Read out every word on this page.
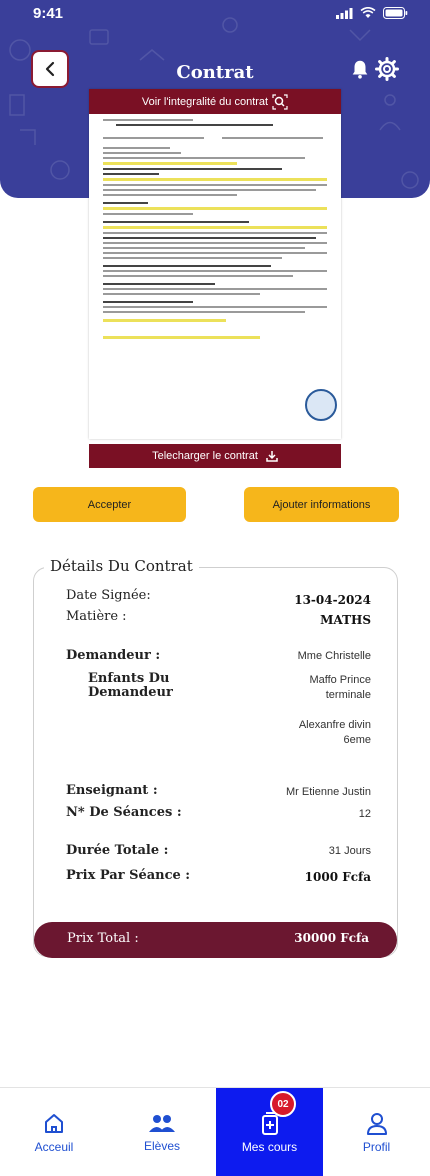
9:41
Contrat
Voir l'integralité du contrat
Telecharger le contrat
Accepter	Ajouter informations
Détails Du Contrat
Date Signée:	13-04-2024
Matière :	MATHS
Demandeur :	Mme Christelle
Enfants Du
Demandeur
Maffo Prince
terminale
Alexanfre divin
6eme
Enseignant :	Mr Etienne Justin
N* De Séances :	12
Durée Totale :	31 Jours
Prix Par Séance :	1000 Fcfa
Prix Total :	30000 Fcfa
Acceuil	Elèves	Mes cours	Profil
02
